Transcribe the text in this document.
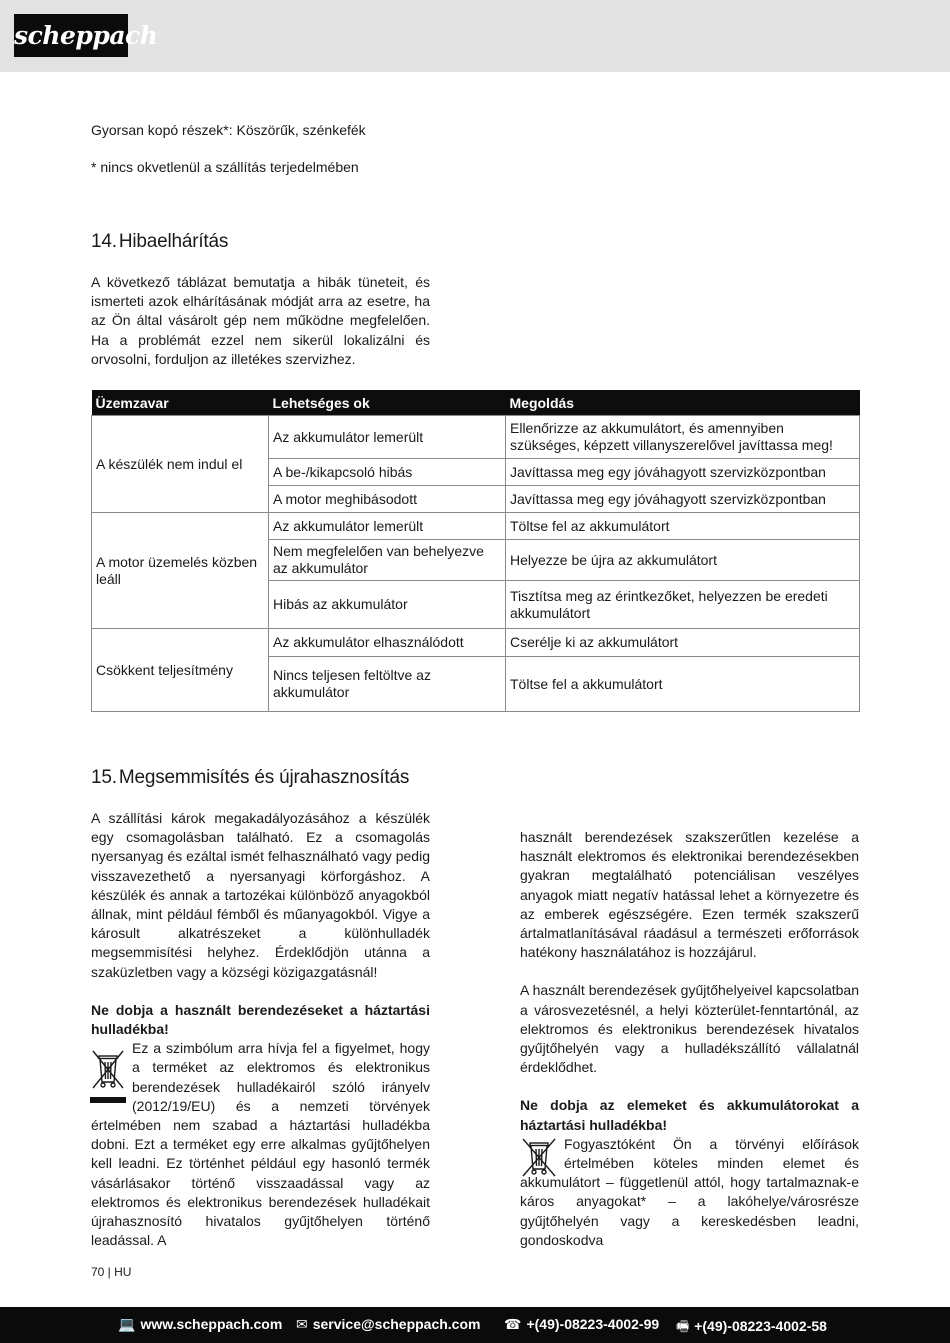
scheppach
Gyorsan kopó részek*: Köszörűk, szénkefék
* nincs okvetlenül a szállítás terjedelmében
14. Hibaelhárítás

A következő táblázat bemutatja a hibák tüneteit, és ismerteti azok elhárításának módját arra az esetre, ha az Ön által vásárolt gép nem működne megfelelően. Ha a problémát ezzel nem sikerül lokalizálni és orvosolni, forduljon az illetékes szervizhez.

Üzemzavar	Lehetséges ok	Megoldás
A készülék nem indul el	Az akkumulátor lemerült	Ellenőrizze az akkumulátort, és amennyiben szükséges, képzett villanyszerelővel javíttassa meg!
	A be-/kikapcsoló hibás	Javíttassa meg egy jóváhagyott szervizközpontban
	A motor meghibásodott	Javíttassa meg egy jóváhagyott szervizközpontban
A motor üzemelés közben leáll	Az akkumulátor lemerült	Töltse fel az akkumulátort
	Nem megfelelően van behelyezve az akkumulátor	Helyezze be újra az akkumulátort
	Hibás az akkumulátor	Tisztítsa meg az érintkezőket, helyezzen be eredeti akkumulátort
Csökkent teljesítmény	Az akkumulátor elhasználódott	Cserélje ki az akkumulátort
	Nincs teljesen feltöltve az akkumulátor	Töltse fel a akkumulátort
15. Megsemmisítés és újrahasznosítás

A szállítási károk megakadályozásához a készülék egy csomagolásban található. Ez a csomagolás nyersanyag és ezáltal ismét felhasználható vagy pedig visszavezethető a nyersanyagi körforgáshoz. A készülék és annak a tartozékai különböző anyagokból állnak, mint például fémből és műanyagokból. Vigye a károsult alkatrészeket a különhulladék megsemmisítési helyhez. Érdeklődjön utánna a szaküzletben vagy a községi közigazgatásnál!

Ne dobja a használt berendezéseket a háztartási hulladékba!

Ez a szimbólum arra hívja fel a figyelmet, hogy a terméket az elektromos és elektronikus berendezések hulladékairól szóló irányelv (2012/19/EU) és a nemzeti törvények értelmében nem szabad a háztartási hulladékba dobni. Ezt a terméket egy erre alkalmas gyűjtőhelyen kell leadni. Ez történhet például egy hasonló termék vásárlásakor történő visszaadással vagy az elektromos és elektronikus berendezések hulladékait újrahasznosító hivatalos gyűjtőhelyen történő leadással. A

használt berendezések szakszerűtlen kezelése a használt elektromos és elektronikai berendezésekben gyakran megtalálható potenciálisan veszélyes anyagok miatt negatív hatással lehet a környezetre és az emberek egészségére. Ezen termék szakszerű ártalmatlanításával ráadásul a természeti erőforrások hatékony használatához is hozzájárul.

A használt berendezések gyűjtőhelyeivel kapcsolatban a városvezetésnél, a helyi közterület-fenntartónál, az elektromos és elektronikus berendezések hivatalos gyűjtőhelyén vagy a hulladékszállító vállalatnál érdeklődhet.

Ne dobja az elemeket és akkumulátorokat a háztartási hulladékba!

Fogyasztóként Ön a törvényi előírások értelmében köteles minden elemet és akkumulátort – függetlenül attól, hogy tartalmaznak-e káros anyagokat* – a lakóhelye/városrésze gyűjtőhelyén vagy a kereskedésben leadni, gondoskodva

70 | HU
💻 www.scheppach.com ✉ service@scheppach.com ☎ +(49)-08223-4002-99 🖷 +(49)-08223-4002-58
